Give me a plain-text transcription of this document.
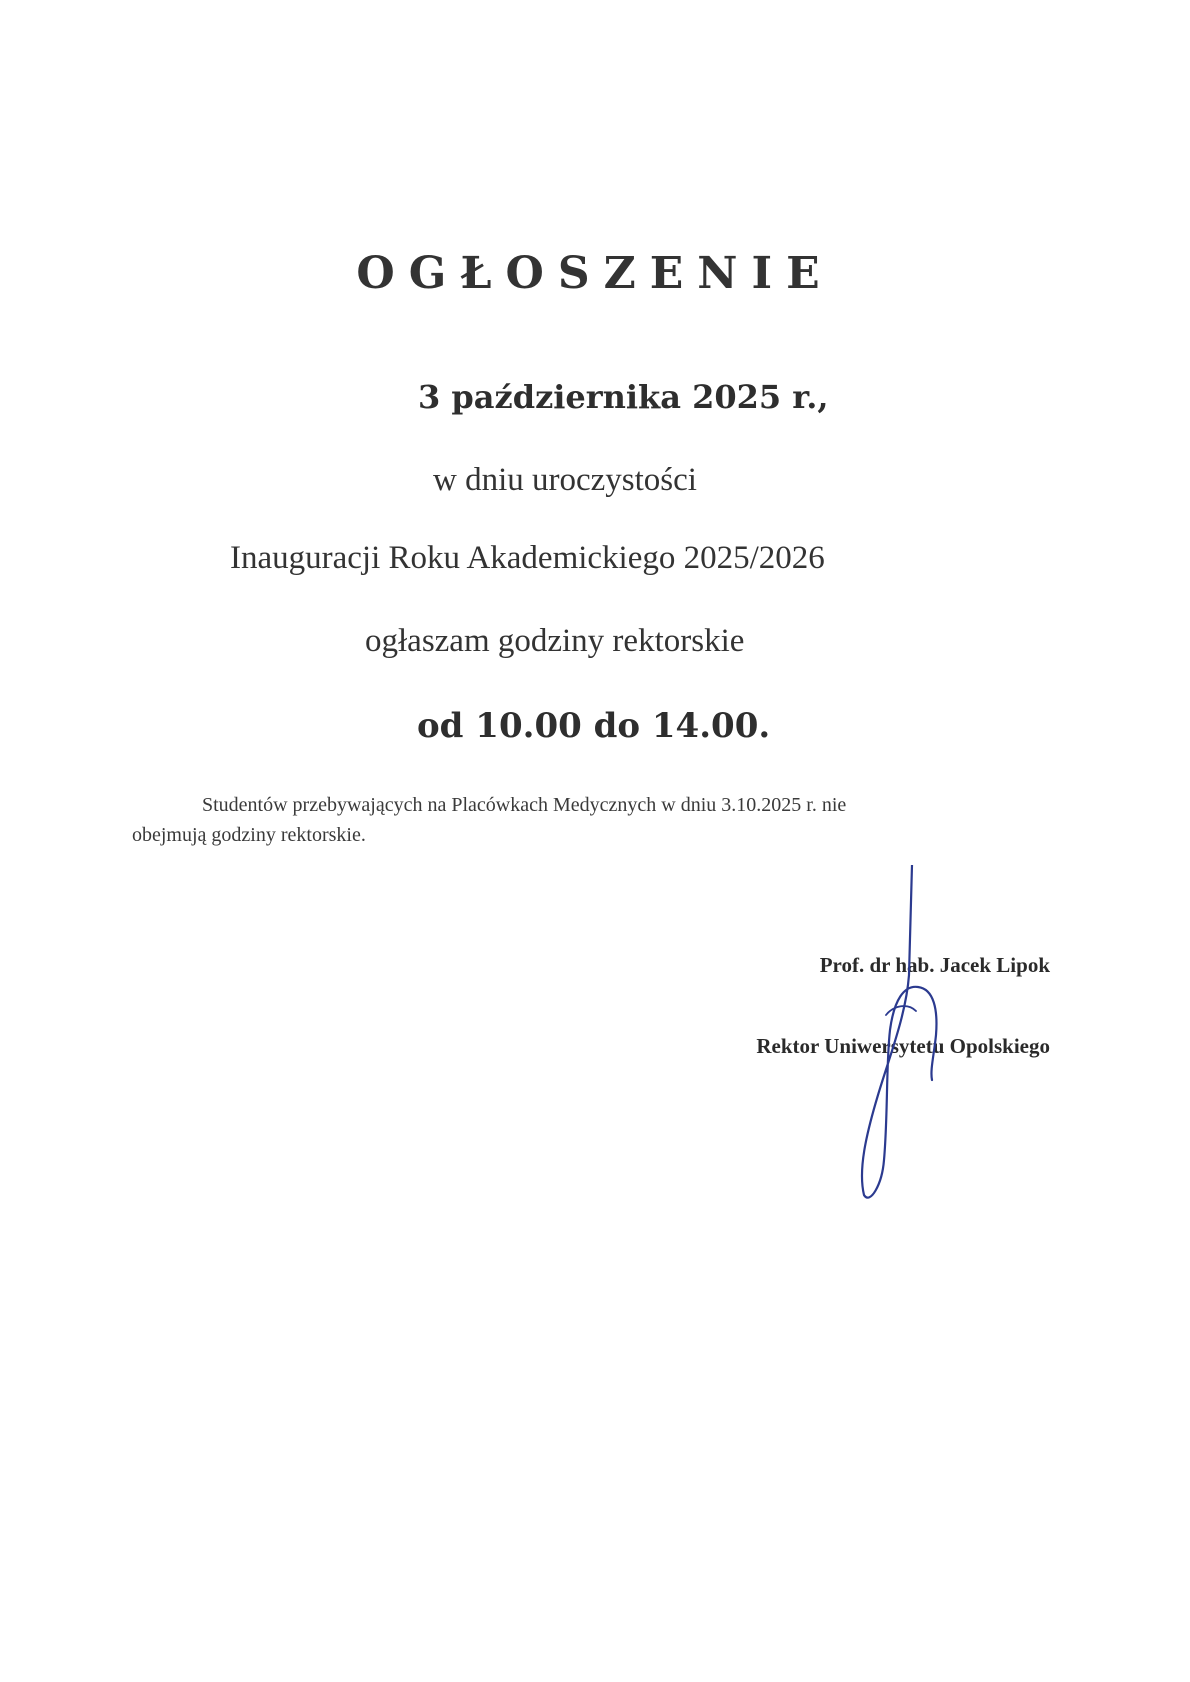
OGŁOSZENIE
3 października 2025 r.,
w dniu uroczystości
Inauguracji Roku Akademickiego 2025/2026
ogłaszam godziny rektorskie
od 10.00 do 14.00.
Studentów przebywających na Placówkach Medycznych w dniu 3.10.2025 r. nie
obejmują godziny rektorskie.
Prof. dr hab. Jacek Lipok
Rektor Uniwersytetu Opolskiego
